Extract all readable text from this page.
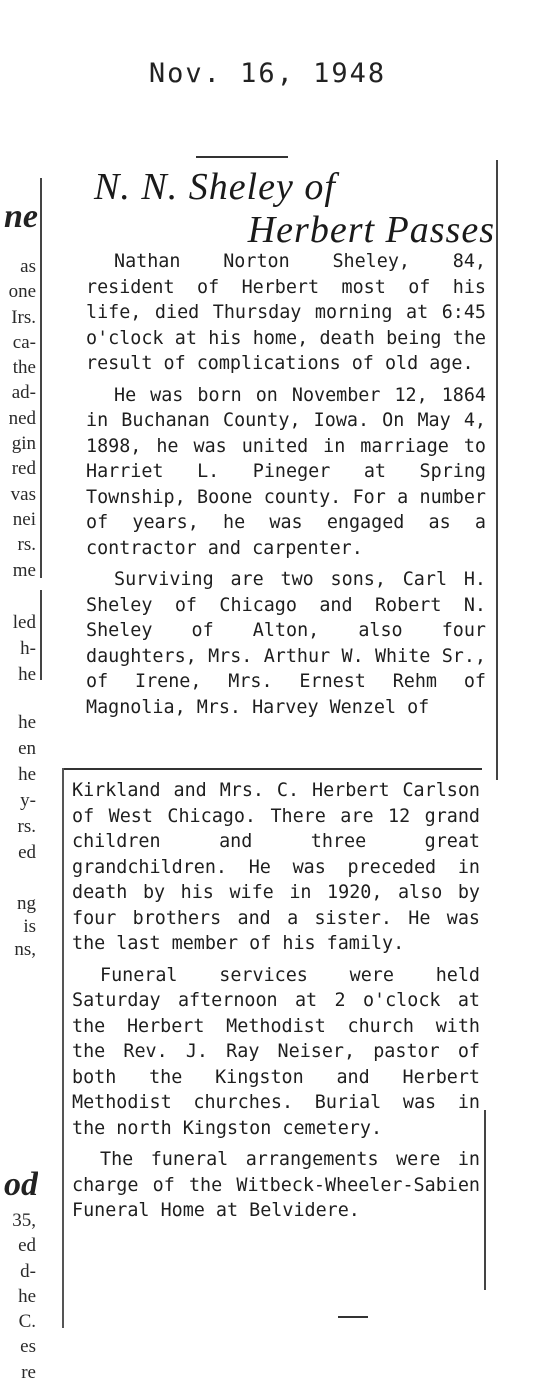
Nov. 16, 1948
ne
as
one
Irs.
ca-
the
ad-
ned
gin
red
vas
nei
rs.
me
led
h-
he
he
en
he
y-
rs.
ed
ng
is
ns,
od
35,
ed
d-
he
C.
es
re
N. N. Sheley of
Herbert Passes

Nathan Norton Sheley, 84, resident of Herbert most of his life, died Thursday morning at 6:45 o'clock at his home, death being the result of complications of old age.

He was born on November 12, 1864 in Buchanan County, Iowa. On May 4, 1898, he was united in marriage to Harriet L. Pineger at Spring Township, Boone county. For a number of years, he was engaged as a contractor and carpenter.

Surviving are two sons, Carl H. Sheley of Chicago and Robert N. Sheley of Alton, also four daughters, Mrs. Arthur W. White Sr., of Irene, Mrs. Ernest Rehm of Magnolia, Mrs. Harvey Wenzel of

Kirkland and Mrs. C. Herbert Carlson of West Chicago. There are 12 grand children and three great grandchildren. He was preceded in death by his wife in 1920, also by four brothers and a sister. He was the last member of his family.

Funeral services were held Saturday afternoon at 2 o'clock at the Herbert Methodist church with the Rev. J. Ray Neiser, pastor of both the Kingston and Herbert Methodist churches. Burial was in the north Kingston cemetery.

The funeral arrangements were in charge of the Witbeck-Wheeler-Sabien Funeral Home at Belvidere.
